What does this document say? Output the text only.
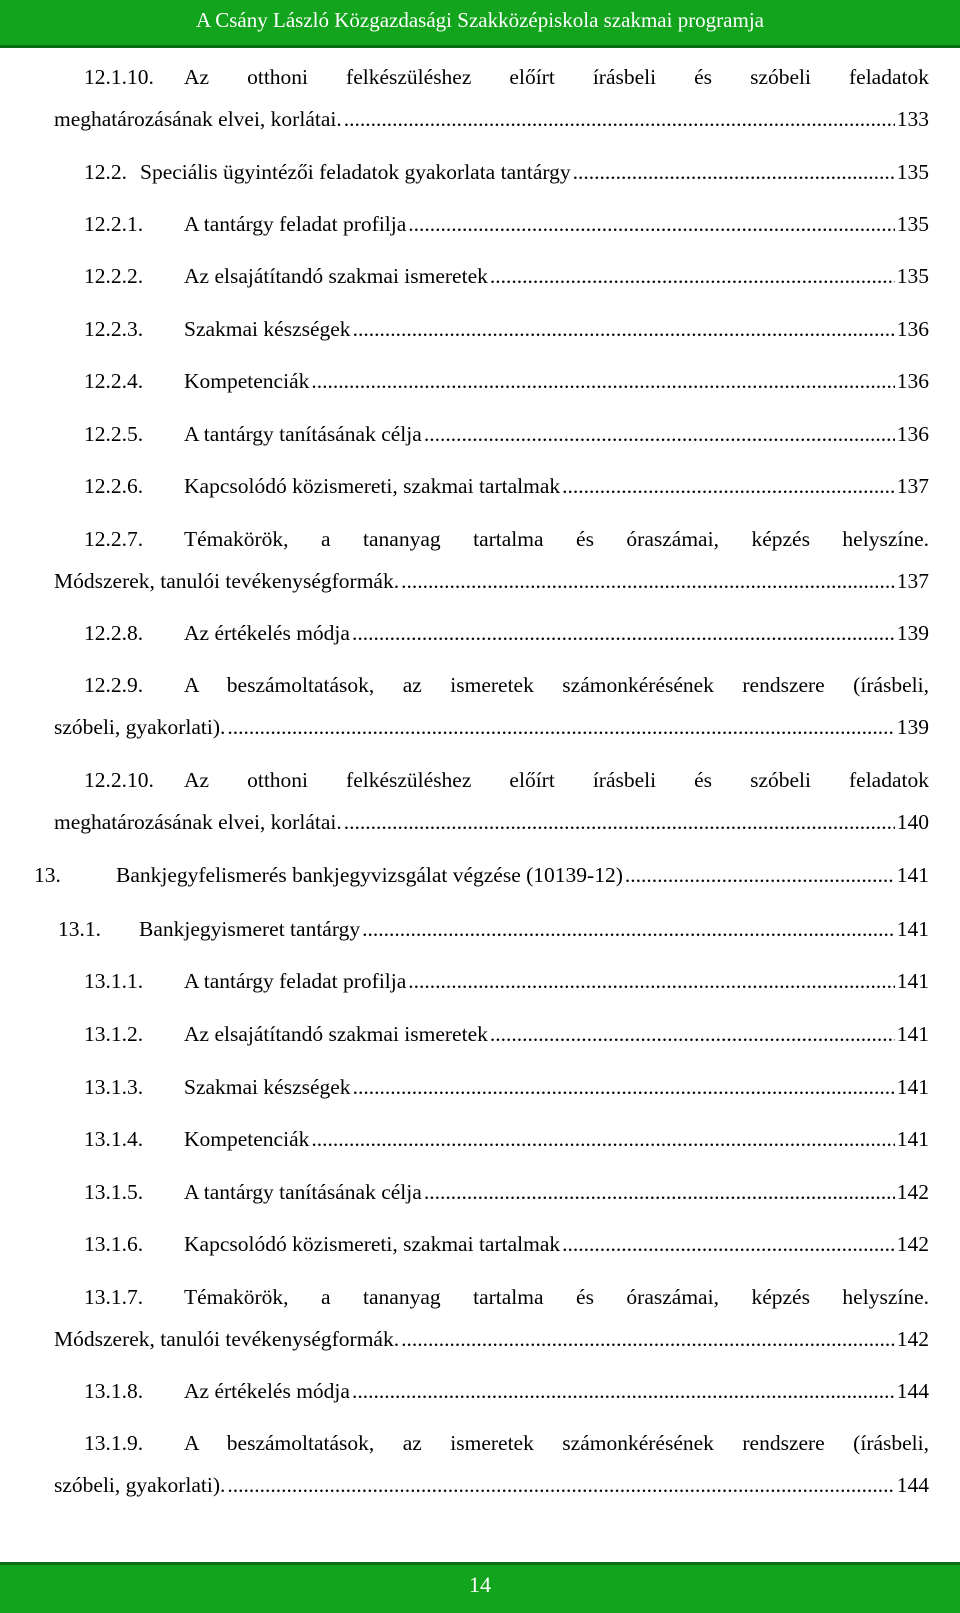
A Csány László Közgazdasági Szakközépiskola szakmai programja
12.1.10.	Az otthoni felkészüléshez előírt írásbeli és szóbeli feladatok
meghatározásának elvei, korlátai. .....	133
12.2. Speciális ügyintézői feladatok gyakorlata tantárgy .....	135
12.2.1.	A tantárgy feladat profilja .....	135
12.2.2.	Az elsajátítandó szakmai ismeretek .....	135
12.2.3.	Szakmai készségek .....	136
12.2.4.	Kompetenciák .....	136
12.2.5.	A tantárgy tanításának célja .....	136
12.2.6.	Kapcsolódó közismereti, szakmai tartalmak .....	137
12.2.7.	Témakörök, a tananyag tartalma és óraszámai, képzés helyszíne.
Módszerek, tanulói tevékenységformák. .....	137
12.2.8.	Az értékelés módja .....	139
12.2.9.	A beszámoltatások, az ismeretek számonkérésének rendszere (írásbeli,
szóbeli, gyakorlati). .....	139
12.2.10.	Az otthoni felkészüléshez előírt írásbeli és szóbeli feladatok
meghatározásának elvei, korlátai. .....	140
13.	Bankjegyfelismerés bankjegyvizsgálat végzése (10139-12) .....	141
13.1.	Bankjegyismeret tantárgy .....	141
13.1.1.	A tantárgy feladat profilja .....	141
13.1.2.	Az elsajátítandó szakmai ismeretek .....	141
13.1.3.	Szakmai készségek .....	141
13.1.4.	Kompetenciák .....	141
13.1.5.	A tantárgy tanításának célja .....	142
13.1.6.	Kapcsolódó közismereti, szakmai tartalmak .....	142
13.1.7.	Témakörök, a tananyag tartalma és óraszámai, képzés helyszíne.
Módszerek, tanulói tevékenységformák. .....	142
13.1.8.	Az értékelés módja .....	144
13.1.9.	A beszámoltatások, az ismeretek számonkérésének rendszere (írásbeli,
szóbeli, gyakorlati). .....	144
14
